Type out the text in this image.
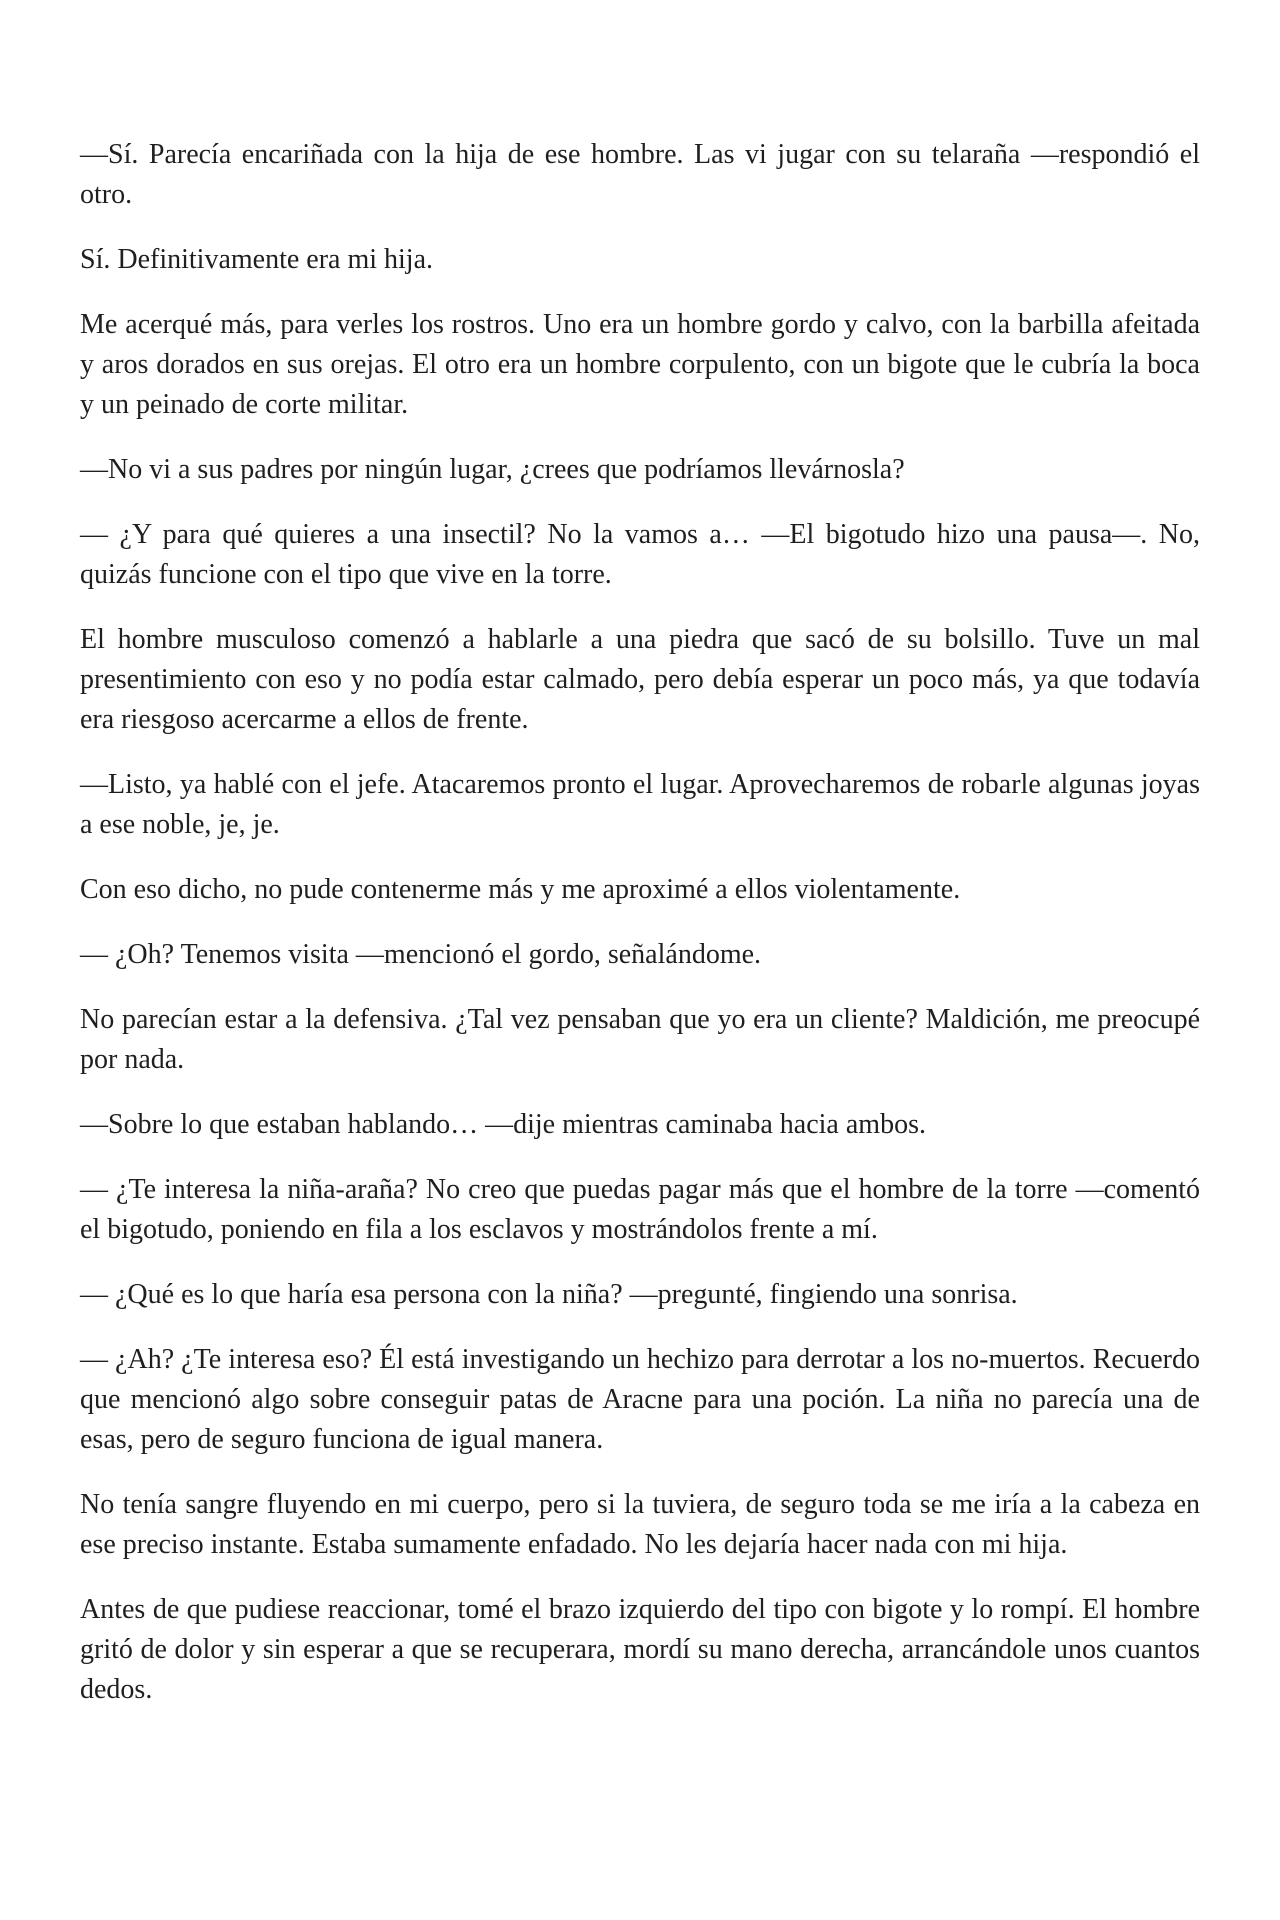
—Sí. Parecía encariñada con la hija de ese hombre. Las vi jugar con su telaraña —respondió el otro.

Sí. Definitivamente era mi hija.

Me acerqué más, para verles los rostros. Uno era un hombre gordo y calvo, con la barbilla afeitada y aros dorados en sus orejas. El otro era un hombre corpulento, con un bigote que le cubría la boca y un peinado de corte militar.

—No vi a sus padres por ningún lugar, ¿crees que podríamos llevárnosla?

— ¿Y para qué quieres a una insectil? No la vamos a… —El bigotudo hizo una pausa—. No, quizás funcione con el tipo que vive en la torre.

El hombre musculoso comenzó a hablarle a una piedra que sacó de su bolsillo. Tuve un mal presentimiento con eso y no podía estar calmado, pero debía esperar un poco más, ya que todavía era riesgoso acercarme a ellos de frente.

—Listo, ya hablé con el jefe. Atacaremos pronto el lugar. Aprovecharemos de robarle algunas joyas a ese noble, je, je.

Con eso dicho, no pude contenerme más y me aproximé a ellos violentamente.

— ¿Oh? Tenemos visita —mencionó el gordo, señalándome.

No parecían estar a la defensiva. ¿Tal vez pensaban que yo era un cliente? Maldición, me preocupé por nada.

—Sobre lo que estaban hablando… —dije mientras caminaba hacia ambos.

— ¿Te interesa la niña-araña? No creo que puedas pagar más que el hombre de la torre —comentó el bigotudo, poniendo en fila a los esclavos y mostrándolos frente a mí.

— ¿Qué es lo que haría esa persona con la niña? —pregunté, fingiendo una sonrisa.

— ¿Ah? ¿Te interesa eso? Él está investigando un hechizo para derrotar a los no-muertos. Recuerdo que mencionó algo sobre conseguir patas de Aracne para una poción. La niña no parecía una de esas, pero de seguro funciona de igual manera.

No tenía sangre fluyendo en mi cuerpo, pero si la tuviera, de seguro toda se me iría a la cabeza en ese preciso instante. Estaba sumamente enfadado. No les dejaría hacer nada con mi hija.

Antes de que pudiese reaccionar, tomé el brazo izquierdo del tipo con bigote y lo rompí. El hombre gritó de dolor y sin esperar a que se recuperara, mordí su mano derecha, arrancándole unos cuantos dedos.
